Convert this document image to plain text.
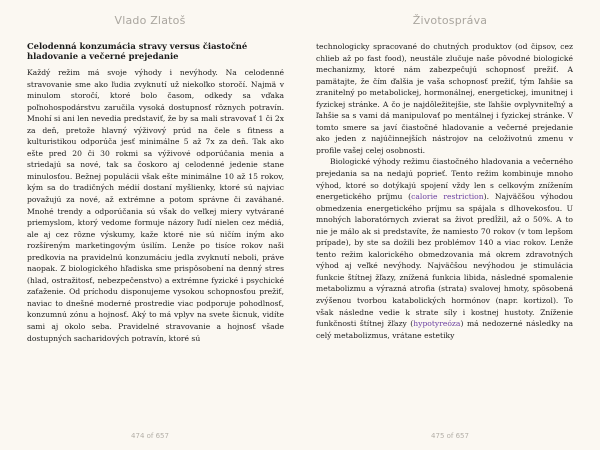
Vlado Zlatoš
Celodenná konzumácia stravy versus čiastočné hladovanie a večerné prejedanie

Každý režim má svoje výhody i nevýhody. Na celodenné stravovanie sme ako ľudia zvyknutí už niekoľko storočí. Najmä v minulom storočí, ktoré bolo časom, odkedy sa vďaka poľnohospodárstvu zaručila vysoká dostupnosť rôznych potravín. Mnohí si ani len nevedia predstaviť, že by sa mali stravovať 1 či 2x za deň, pretože hlavný výživový prúd na čele s fitness a kulturistikou odporúča jesť minimálne 5 až 7x za deň. Tak ako ešte pred 20 či 30 rokmi sa výživové odporúčania menia a striedajú sa nové, tak sa čoskoro aj celodenné jedenie stane minulosťou. Bežnej populácii však ešte minimálne 10 až 15 rokov, kým sa do tradičných médií dostaní myšlienky, ktoré sú najviac považujú za nové, až extrémne a potom správne či zaváhané. Mnohé trendy a odporúčania sú však do veľkej miery vytvárané priemyslom, ktorý vedome formuje názory ľudí nielen cez médiá, ale aj cez rôzne výskumy, kaže ktoré nie sú ničím iným ako rozšíreným marketingovým úsilím. Lenže po tisíce rokov naši predkovia na pravidelnú konzumáciu jedla zvyknutí neboli, práve naopak. Z biologického hľadiska sme prispôsobení na denný stres (hlad, ostražitosť, nebezpečenstvo) a extrémne fyzické i psychické zaťaženie. Od príchodu disponujeme vysokou schopnosťou prežiť, naviac to dnešné moderné prostredie viac podporuje pohodlnosť, konzumnú zónu a hojnosť. Aký to má vplyv na svete šicnuk, vidíte sami aj okolo seba. Pravidelné stravovanie a hojnosť všade dostupných sacharidových potravín, ktoré sú

474 of 657
Životospráva

technologicky spracované do chutných produktov (od čipsov, cez chlieb až po fast food), neustále zlučuje naše pôvodné biologické mechanizmy, ktoré nám zabezpečujú schopnosť prežiť. A pamätajte, že čím ďalšia je vaša schopnosť prežiť, tým ľahšie sa zranitelný po metabolickej, hormonálnej, energetickej, imunitnej i fyzickej stránke. A čo je najdôležitejšie, ste ľahšie ovplyvniteľný a ľahšie sa s vami dá manipulovať po mentálnej i fyzickej stránke. V tomto smere sa javí čiastočné hladovanie a večerné prejedanie ako jeden z najúčinnejších nástrojov na celoživotnú zmenu v profile vašej celej osobnosti.

Biologické výhody režimu čiastočného hladovania a večerného prejedania sa na nedajú poprieť. Tento režim kombinuje mnoho výhod, ktoré so dotýkajú spojení vždy len s celkovým znížením energetického príjmu (calorie restriction). Najväčšou výhodou obmedzenia energetického príjmu sa spájala s dlhovekosťou. U mnohých laboratórnych zvierat sa život predĺžil, až o 50%. A to nie je málo ak si predstavíte, že namiesto 70 rokov (v tom lepšom prípade), by ste sa dožili bez problémov 140 a viac rokov. Lenže tento režim kalorického obmedzovania má okrem zdravotných výhod aj veľké nevýhody. Najväčšou nevýhodou je stimulácia funkcie štítnej žľazy, znížená funkcia libida, následné spomalenie metabolizmu a výrazná atrofia (strata) svalovej hmoty, spôsobená zvýšenou tvorbou katabolických hormónov (napr. kortizol). To však následne vedie k strate síly i kostnej hustoty. Zníženie funkčnosti štítnej žľazy (hypotyreóza) má nedozerné následky na celý metabolizmus, vrátane estetiky

475 of 657
